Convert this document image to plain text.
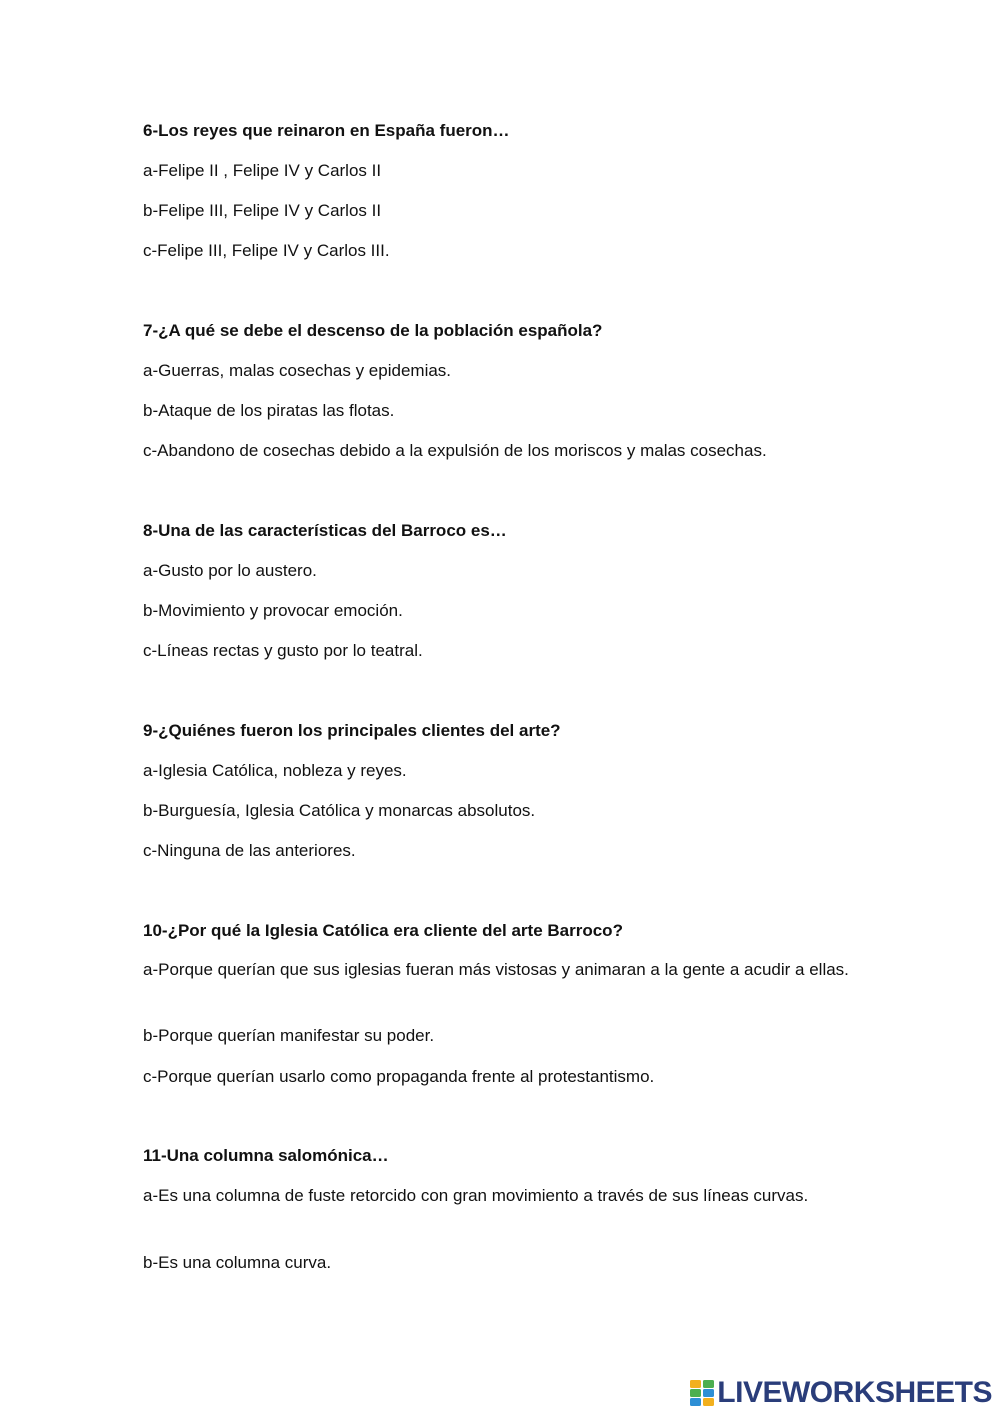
6-Los reyes que reinaron en España fueron…
a-Felipe II , Felipe IV y Carlos II
b-Felipe III, Felipe IV y Carlos II
c-Felipe III, Felipe IV y Carlos III.
7-¿A qué se debe el descenso de la población española?
a-Guerras, malas cosechas y epidemias.
b-Ataque de los piratas las flotas.
c-Abandono de cosechas debido a la expulsión de los moriscos y malas cosechas.
8-Una de las características del Barroco es…
a-Gusto por lo austero.
b-Movimiento y provocar emoción.
c-Líneas rectas y gusto por lo teatral.
9-¿Quiénes fueron los principales clientes del arte?
a-Iglesia Católica, nobleza y reyes.
b-Burguesía, Iglesia Católica y monarcas absolutos.
c-Ninguna de las anteriores.
10-¿Por qué la Iglesia Católica era cliente del arte Barroco?
a-Porque querían que sus iglesias fueran más vistosas y animaran a la gente a acudir a ellas.
b-Porque querían manifestar su poder.
c-Porque querían usarlo como propaganda frente al protestantismo.
11-Una columna salomónica…
a-Es una columna de fuste retorcido con gran movimiento a través de sus líneas curvas.
b-Es una columna curva.
LIVEWORKSHEETS
